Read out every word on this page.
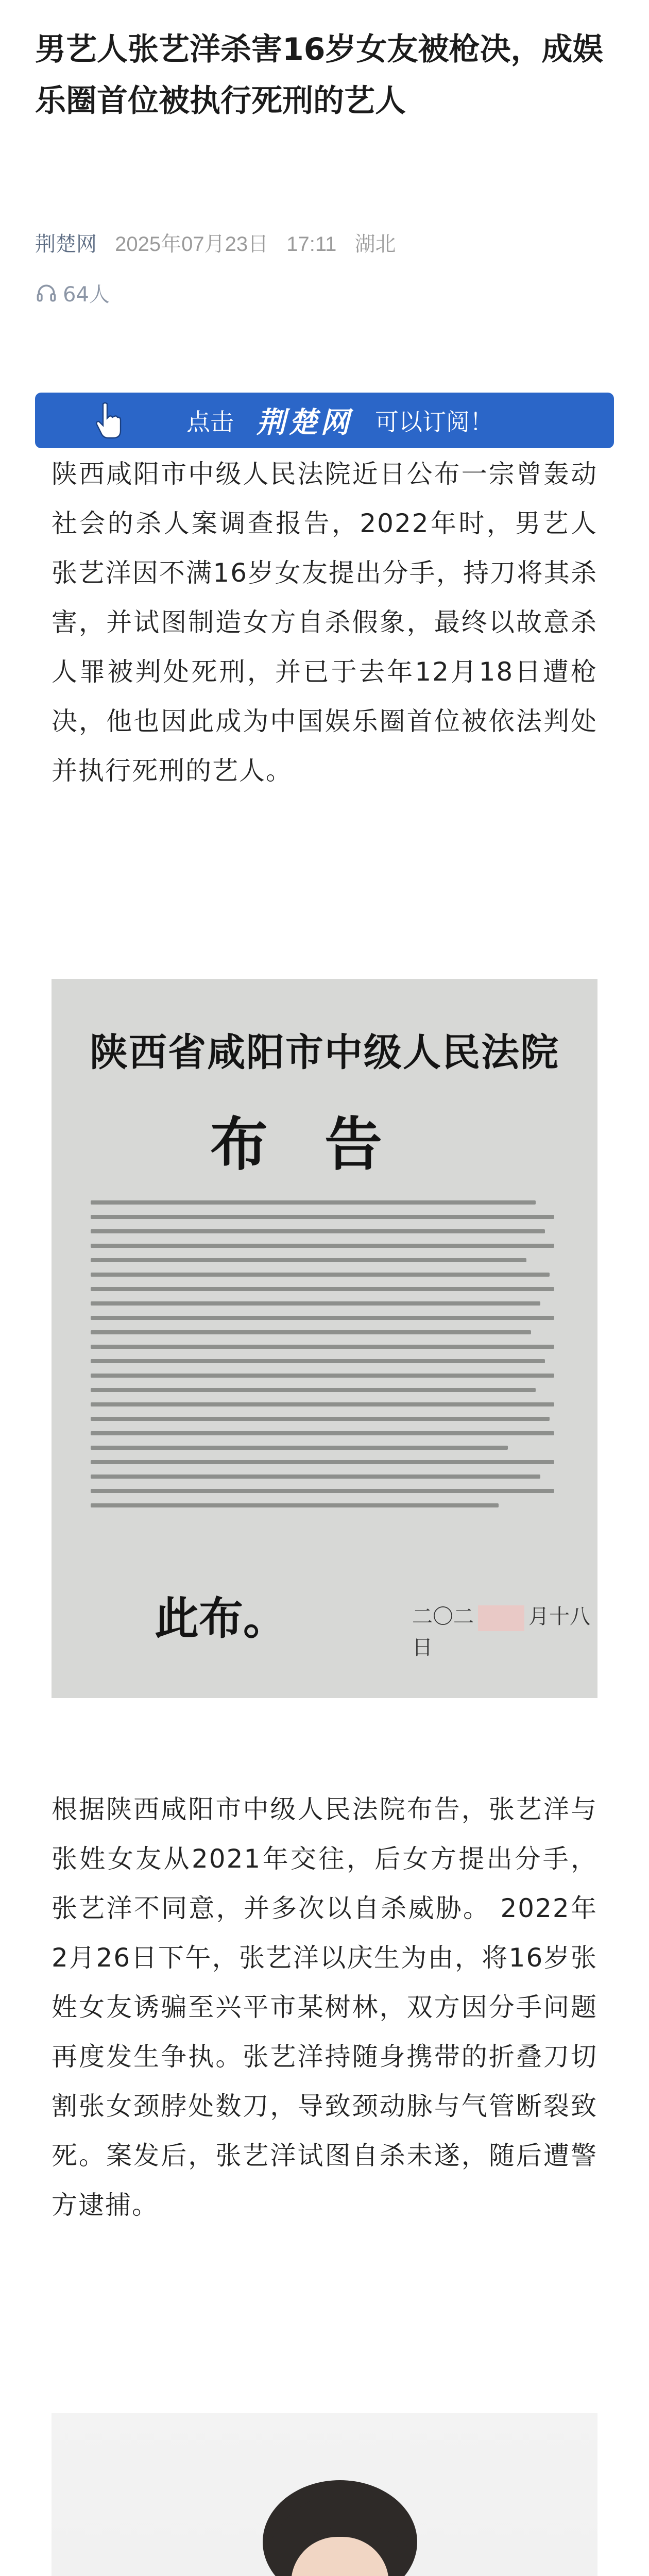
男艺人张艺洋杀害16岁女友被枪决，成娱乐圈首位被执行死刑的艺人
荆楚网 2025年07月23日 17:11 湖北
64人
点击 荆楚网 可以订阅！

陕西咸阳市中级人民法院近日公布一宗曾轰动社会的杀人案调查报告，2022年时，男艺人张艺洋因不满16岁女友提出分手，持刀将其杀害，并试图制造女方自杀假象，最终以故意杀人罪被判处死刑，并已于去年12月18日遭枪决，他也因此成为中国娱乐圈首位被依法判处并执行死刑的艺人。

陕西省咸阳市中级人民法院
布告
此布。	二〇二	月十八日

根据陕西咸阳市中级人民法院布告，张艺洋与张姓女友从2021年交往，后女方提出分手，张艺洋不同意，并多次以自杀威胁。 2022年2月26日下午，张艺洋以庆生为由，将16岁张姓女友诱骗至兴平市某树林，双方因分手问题再度发生争执。张艺洋持随身携带的折叠刀切割张女颈脖处数刀，导致颈动脉与气管断裂致死。案发后，张艺洋试图自杀未遂，随后遭警方逮捕。
